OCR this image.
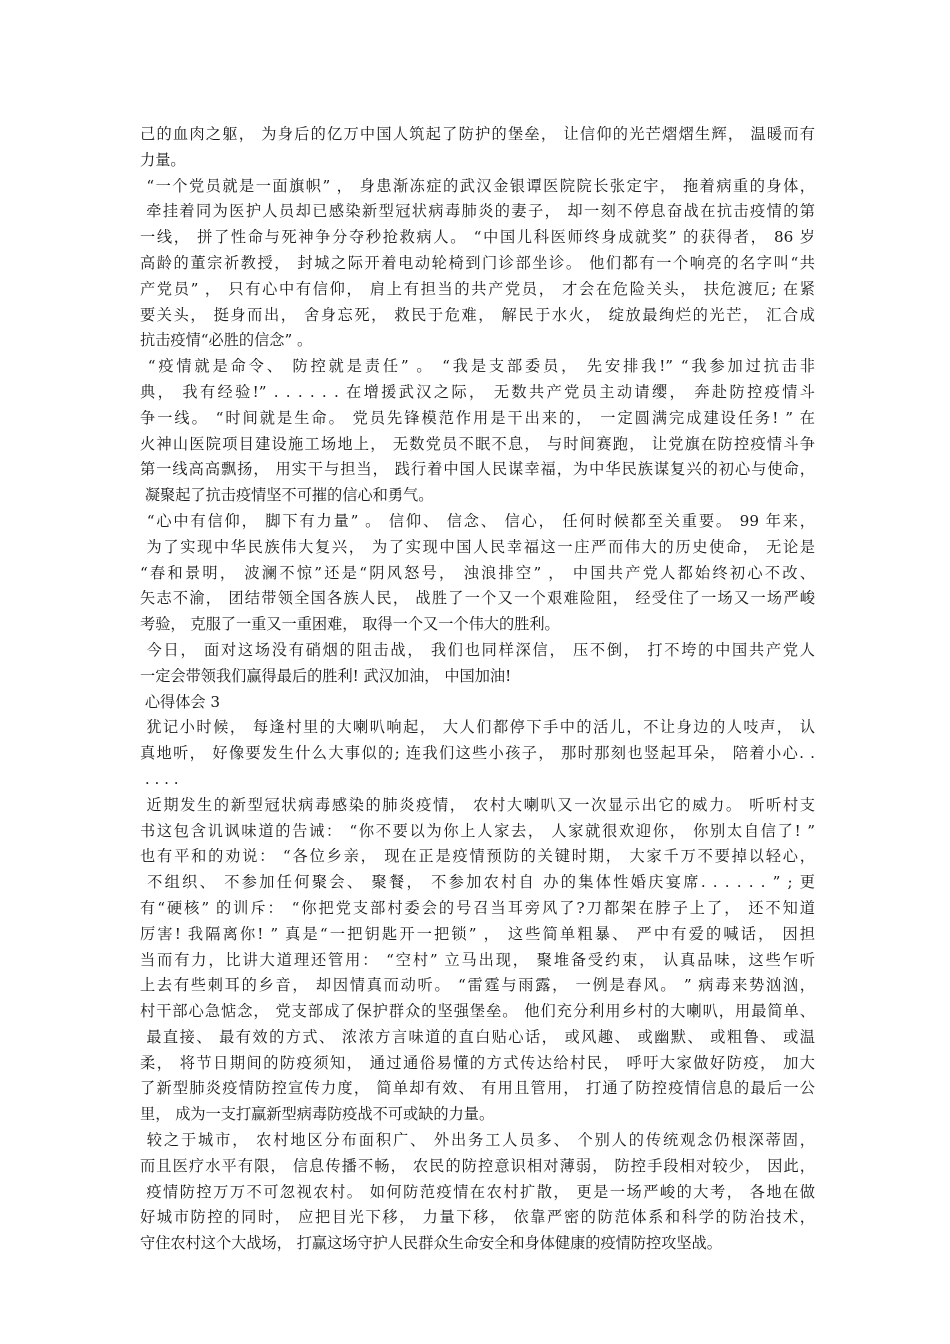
己的血肉之躯， 为身后的亿万中国人筑起了防护的堡垒， 让信仰的光芒熠熠生辉， 温暖而有
力量。
“一个党员就是一面旗帜” ， 身患渐冻症的武汉金银谭医院院长张定宇， 拖着病重的身体，
牵挂着同为医护人员却已感染新型冠状病毒肺炎的妻子， 却一刻不停息奋战在抗击疫情的第
一线， 拼了性命与死神争分夺秒抢救病人。 “中国儿科医师终身成就奖” 的获得者， 86 岁
高龄的董宗祈教授， 封城之际开着电动轮椅到门诊部坐诊。 他们都有一个响亮的名字叫“共
产党员” ， 只有心中有信仰， 肩上有担当的共产党员， 才会在危险关头， 扶危渡厄; 在紧
要关头， 挺身而出， 舍身忘死， 救民于危难， 解民于水火， 绽放最绚烂的光芒， 汇合成
抗击疫情“必胜的信念” 。
“疫情就是命令、 防控就是责任” 。 “我是支部委员， 先安排我!” “我参加过抗击非
典， 我有经验!” . . . . . . 在增援武汉之际， 无数共产党员主动请缨， 奔赴防控疫情斗
争一线。 “时间就是生命。 党员先锋模范作用是干出来的， 一定圆满完成建设任务! ” 在
火神山医院项目建设施工场地上， 无数党员不眠不息， 与时间赛跑， 让党旗在防控疫情斗争
第一线高高飘扬， 用实干与担当， 践行着中国人民谋幸福，为中华民族谋复兴的初心与使命，
凝聚起了抗击疫情坚不可摧的信心和勇气。
“心中有信仰， 脚下有力量” 。 信仰、 信念、 信心， 任何时候都至关重要。 99 年来，
为了实现中华民族伟大复兴， 为了实现中国人民幸福这一庄严而伟大的历史使命， 无论是
“春和景明， 波澜不惊”还是“阴风怒号， 浊浪排空” ， 中国共产党人都始终初心不改、
矢志不渝， 团结带领全国各族人民， 战胜了一个又一个艰难险阻， 经受住了一场又一场严峻
考验， 克服了一重又一重困难， 取得一个又一个伟大的胜利。
今日， 面对这场没有硝烟的阻击战， 我们也同样深信， 压不倒， 打不垮的中国共产党人
一定会带领我们赢得最后的胜利! 武汉加油， 中国加油!
心得体会 3
犹记小时候， 每逢村里的大喇叭响起， 大人们都停下手中的活儿，不让身边的人吱声， 认
真地听， 好像要发生什么大事似的; 连我们这些小孩子， 那时那刻也竖起耳朵， 陪着小心. .
. . . .
近期发生的新型冠状病毒感染的肺炎疫情， 农村大喇叭又一次显示出它的威力。 听听村支
书这包含讥讽味道的告诫： “你不要以为你上人家去， 人家就很欢迎你， 你别太自信了! ”
也有平和的劝说： “各位乡亲， 现在正是疫情预防的关键时期， 大家千万不要掉以轻心，
不组织、 不参加任何聚会、 聚餐， 不参加农村自 办的集体性婚庆宴席. . . . . . ” ; 更
有“硬核” 的训斥： “你把党支部村委会的号召当耳旁风了?刀都架在脖子上了， 还不知道
厉害! 我隔离你! ” 真是“一把钥匙开一把锁” ， 这些简单粗暴、 严中有爱的喊话， 因担
当而有力，比讲大道理还管用： “空村” 立马出现， 聚堆备受约束， 认真品味，这些乍听
上去有些刺耳的乡音， 却因情真而动听。 “雷霆与雨露， 一例是春风。 ” 病毒来势汹汹，
村干部心急惦念， 党支部成了保护群众的坚强堡垒。 他们充分利用乡村的大喇叭，用最简单、
最直接、 最有效的方式、 浓浓方言味道的直白贴心话， 或风趣、 或幽默、 或粗鲁、 或温
柔， 将节日期间的防疫须知， 通过通俗易懂的方式传达给村民， 呼吁大家做好防疫， 加大
了新型肺炎疫情防控宣传力度， 简单却有效、 有用且管用， 打通了防控疫情信息的最后一公
里， 成为一支打赢新型病毒防疫战不可或缺的力量。
较之于城市， 农村地区分布面积广、 外出务工人员多、 个别人的传统观念仍根深蒂固，
而且医疗水平有限， 信息传播不畅， 农民的防控意识相对薄弱， 防控手段相对较少， 因此，
疫情防控万万不可忽视农村。 如何防范疫情在农村扩散， 更是一场严峻的大考， 各地在做
好城市防控的同时， 应把目光下移， 力量下移， 依靠严密的防范体系和科学的防治技术，
守住农村这个大战场， 打赢这场守护人民群众生命安全和身体健康的疫情防控攻坚战。
